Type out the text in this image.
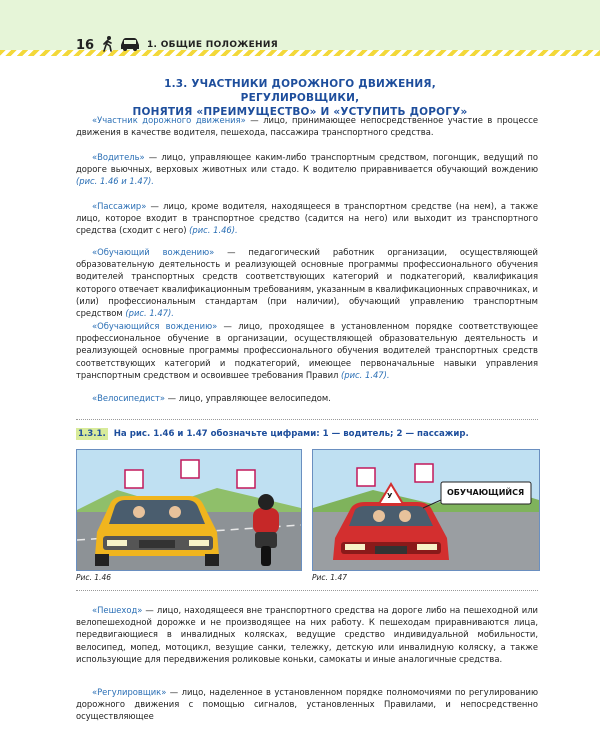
16	1. ОБЩИЕ ПОЛОЖЕНИЯ
1.3. УЧАСТНИКИ ДОРОЖНОГО ДВИЖЕНИЯ, РЕГУЛИРОВЩИКИ,
ПОНЯТИЯ «ПРЕИМУЩЕСТВО» И «УСТУПИТЬ ДОРОГУ»
«Участник дорожного движения» — лицо, принимающее непосредственное участие в процессе движения в качестве водителя, пешехода, пассажира транспортного средства.
«Водитель» — лицо, управляющее каким-либо транспортным средством, погонщик, ведущий по дороге вьючных, верховых животных или стадо. К водителю приравнивается обучающий вождению (рис. 1.46 и 1.47).
«Пассажир» — лицо, кроме водителя, находящееся в транспортном средстве (на нем), а также лицо, которое входит в транспортное средство (садится на него) или выходит из транспортного средства (сходит с него) (рис. 1.46).
«Обучающий вождению» — педагогический работник организации, осуществляющей образовательную деятельность и реализующей основные программы профессионального обучения водителей транспортных средств соответствующих категорий и подкатегорий, квалификация которого отвечает квалификационным требованиям, указанным в квалификационных справочниках, и (или) профессиональным стандартам (при наличии), обучающий управлению транспортным средством (рис. 1.47).
«Обучающийся вождению» — лицо, проходящее в установленном порядке соответствующее профессиональное обучение в организации, осуществляющей образовательную деятельность и реализующей основные программы профессионального обучения водителей транспортных средств соответствующих категорий и подкатегорий, имеющее первоначальные навыки управления транспортным средством и освоившее требования Правил (рис. 1.47).
«Велосипедист» — лицо, управляющее велосипедом.
1.3.1. На рис. 1.46 и 1.47 обозначьте цифрами: 1 — водитель; 2 — пассажир.
Рис. 1.46
У	ОБУЧАЮЩИЙСЯ
Рис. 1.47
«Пешеход» — лицо, находящееся вне транспортного средства на дороге либо на пешеходной или велопешеходной дорожке и не производящее на них работу. К пешеходам приравниваются лица, передвигающиеся в инвалидных колясках, ведущие средство индивидуальной мобильности, велосипед, мопед, мотоцикл, везущие санки, тележку, детскую или инвалидную коляску, а также использующие для передвижения роликовые коньки, самокаты и иные аналогичные средства.
«Регулировщик» — лицо, наделенное в установленном порядке полномочиями по регулированию дорожного движения с помощью сигналов, установленных Правилами, и непосредственно осуществляющее
